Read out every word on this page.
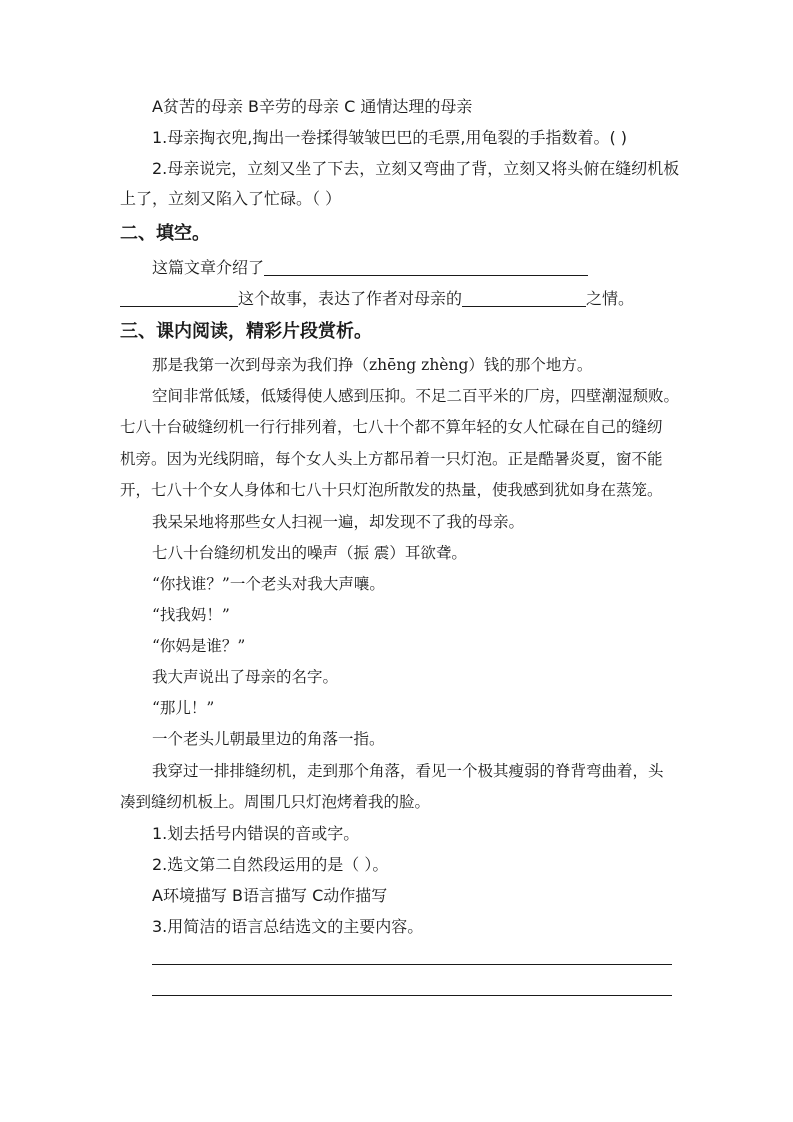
A贫苦的母亲 B辛劳的母亲 C 通情达理的母亲
1.母亲掏衣兜,掏出一卷揉得皱皱巴巴的毛票,用龟裂的手指数着。( )
2.母亲说完，立刻又坐了下去，立刻又弯曲了背，立刻又将头俯在缝纫机板
上了，立刻又陷入了忙碌。（ ）
二、填空。
这篇文章介绍了
这个故事，表达了作者对母亲的	之情。
三、课内阅读，精彩片段赏析。
那是我第一次到母亲为我们挣（zhēng zhèng）钱的那个地方。
空间非常低矮，低矮得使人感到压抑。不足二百平米的厂房，四壁潮湿颓败。
七八十台破缝纫机一行行排列着，七八十个都不算年轻的女人忙碌在自己的缝纫
机旁。因为光线阴暗，每个女人头上方都吊着一只灯泡。正是酷暑炎夏，窗不能
开，七八十个女人身体和七八十只灯泡所散发的热量，使我感到犹如身在蒸笼。
我呆呆地将那些女人扫视一遍，却发现不了我的母亲。
七八十台缝纫机发出的噪声（振 震）耳欲聋。
“你找谁？”一个老头对我大声嚷。
“找我妈！”
“你妈是谁？”
我大声说出了母亲的名字。
“那儿！”
一个老头儿朝最里边的角落一指。
我穿过一排排缝纫机，走到那个角落，看见一个极其瘦弱的脊背弯曲着，头
凑到缝纫机板上。周围几只灯泡烤着我的脸。
1.划去括号内错误的音或字。
2.选文第二自然段运用的是（ ）。
A环境描写 B语言描写 C动作描写
3.用简洁的语言总结选文的主要内容。
